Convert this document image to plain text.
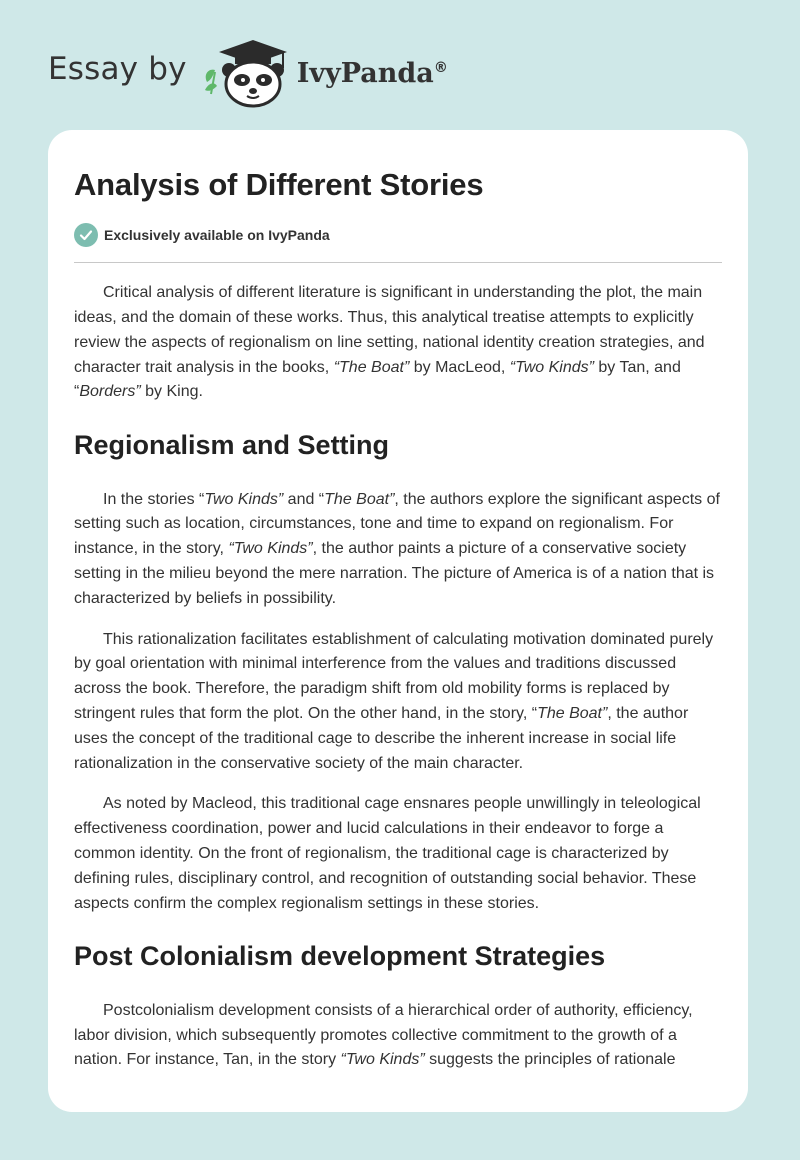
Essay by	IvyPanda®
Analysis of Different Stories
Exclusively available on IvyPanda

Critical analysis of different literature is significant in understanding the plot, the main ideas, and the domain of these works. Thus, this analytical treatise attempts to explicitly review the aspects of regionalism on line setting, national identity creation strategies, and character trait analysis in the books, “The Boat” by MacLeod, “Two Kinds” by Tan, and “Borders” by King.

Regionalism and Setting

In the stories “Two Kinds” and “The Boat”, the authors explore the significant aspects of setting such as location, circumstances, tone and time to expand on regionalism. For instance, in the story, “Two Kinds”, the author paints a picture of a conservative society setting in the milieu beyond the mere narration. The picture of America is of a nation that is characterized by beliefs in possibility.

This rationalization facilitates establishment of calculating motivation dominated purely by goal orientation with minimal interference from the values and traditions discussed across the book. Therefore, the paradigm shift from old mobility forms is replaced by stringent rules that form the plot. On the other hand, in the story, “The Boat”, the author uses the concept of the traditional cage to describe the inherent increase in social life rationalization in the conservative society of the main character.

As noted by Macleod, this traditional cage ensnares people unwillingly in teleological effectiveness coordination, power and lucid calculations in their endeavor to forge a common identity. On the front of regionalism, the traditional cage is characterized by defining rules, disciplinary control, and recognition of outstanding social behavior. These aspects confirm the complex regionalism settings in these stories.

Post Colonialism development Strategies

Postcolonialism development consists of a hierarchical order of authority, efficiency, labor division, which subsequently promotes collective commitment to the growth of a nation. For instance, Tan, in the story “Two Kinds” suggests the principles of rationale
